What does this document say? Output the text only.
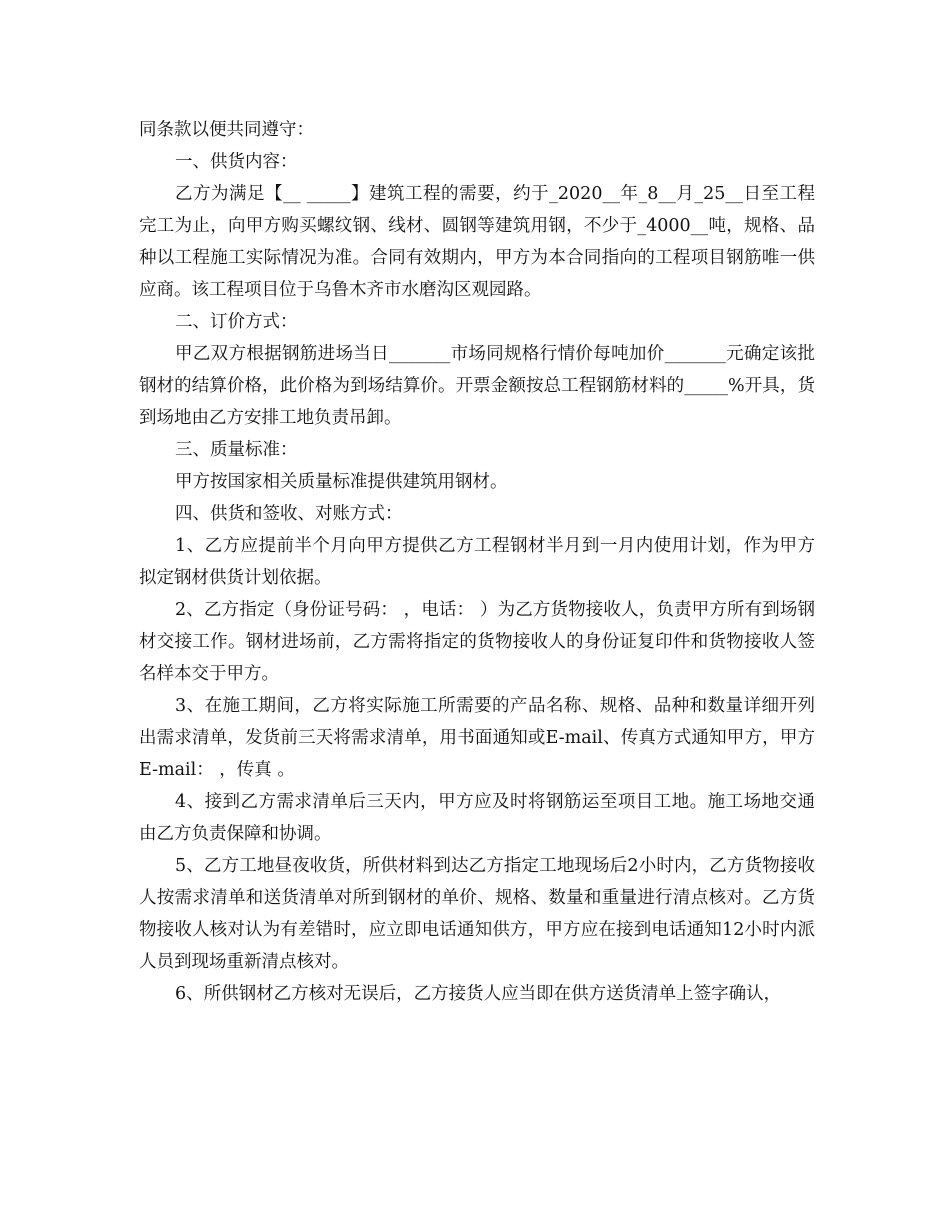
同条款以便共同遵守：

一、供货内容：

乙方为满足【__ _____】建筑工程的需要，约于_2020__年_8__月_25__日至工程完工为止，向甲方购买螺纹钢、线材、圆钢等建筑用钢，不少于_4000__吨，规格、品种以工程施工实际情况为准。合同有效期内，甲方为本合同指向的工程项目钢筋唯一供应商。该工程项目位于乌鲁木齐市水磨沟区观园路。

二、订价方式：

甲乙双方根据钢筋进场当日_______市场同规格行情价每吨加价_______元确定该批钢材的结算价格，此价格为到场结算价。开票金额按总工程钢筋材料的_____%开具，货到场地由乙方安排工地负责吊卸。

三、质量标准：

甲方按国家相关质量标准提供建筑用钢材。

四、供货和签收、对账方式：

1、乙方应提前半个月向甲方提供乙方工程钢材半月到一月内使用计划，作为甲方拟定钢材供货计划依据。

2、乙方指定（身份证号码： ，电话： ）为乙方货物接收人，负责甲方所有到场钢材交接工作。钢材进场前，乙方需将指定的货物接收人的身份证复印件和货物接收人签名样本交于甲方。

3、在施工期间，乙方将实际施工所需要的产品名称、规格、品种和数量详细开列出需求清单，发货前三天将需求清单，用书面通知或E-mail、传真方式通知甲方，甲方E-mail： ，传真 。

4、接到乙方需求清单后三天内，甲方应及时将钢筋运至项目工地。施工场地交通由乙方负责保障和协调。

5、乙方工地昼夜收货，所供材料到达乙方指定工地现场后2小时内，乙方货物接收人按需求清单和送货清单对所到钢材的单价、规格、数量和重量进行清点核对。乙方货物接收人核对认为有差错时，应立即电话通知供方，甲方应在接到电话通知12小时内派人员到现场重新清点核对。

6、所供钢材乙方核对无误后，乙方接货人应当即在供方送货清单上签字确认，
